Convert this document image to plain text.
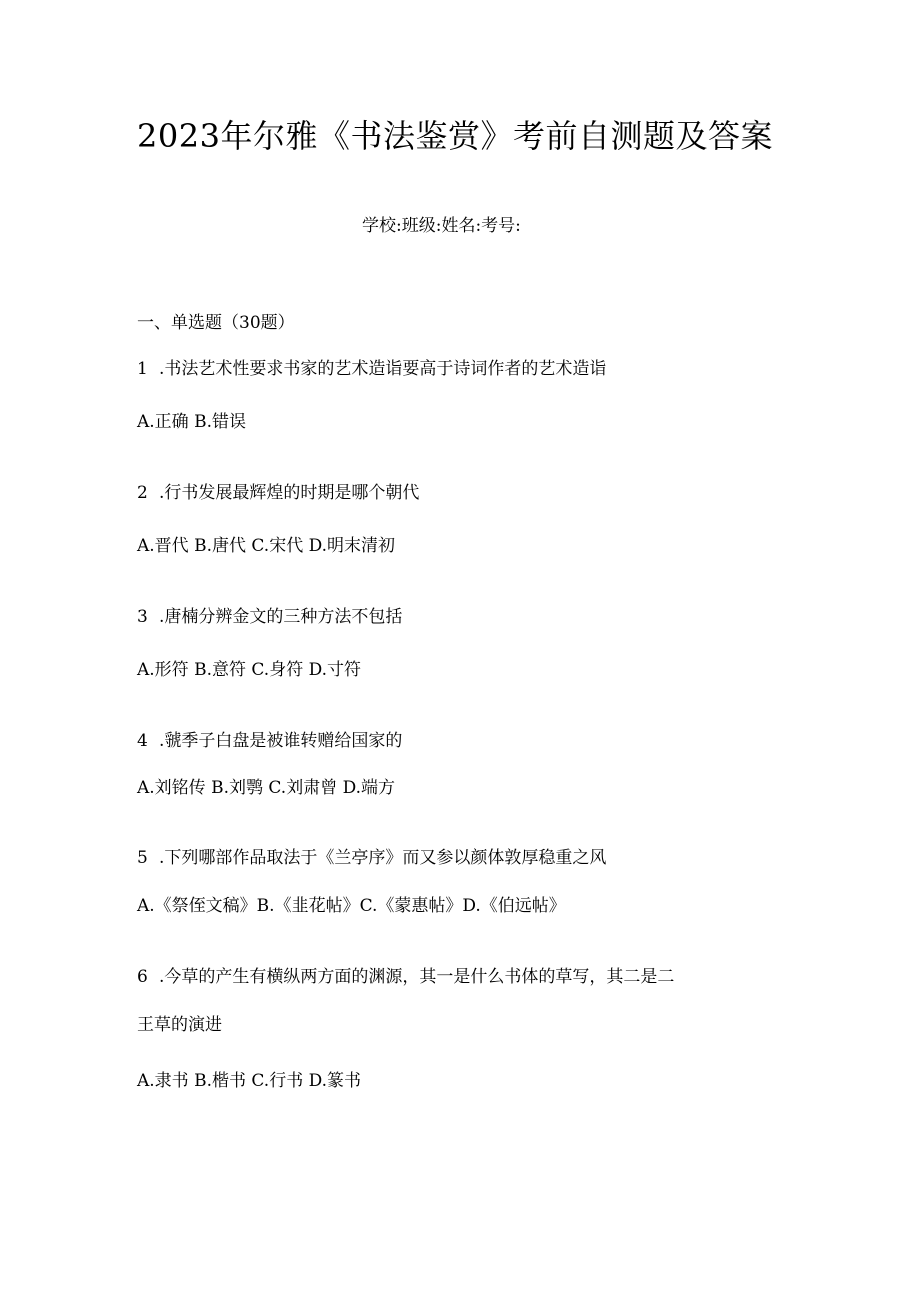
2023年尔雅《书法鉴赏》考前自测题及答案
学校:班级:姓名:考号:
一、单选题（30题）
1 .书法艺术性要求书家的艺术造诣要高于诗词作者的艺术造诣
A.正确 B.错误
2 .行书发展最辉煌的时期是哪个朝代
A.晋代 B.唐代 C.宋代 D.明末清初
3 .唐楠分辨金文的三种方法不包括
A.形符 B.意符 C.身符 D.寸符
4 .虢季子白盘是被谁转赠给国家的
A.刘铭传 B.刘鹗 C.刘肃曾 D.端方
5 .下列哪部作品取法于《兰亭序》而又参以颜体敦厚稳重之风
A.《祭侄文稿》B.《韭花帖》C.《蒙惠帖》D.《伯远帖》
6 .今草的产生有横纵两方面的渊源，其一是什么书体的草写，其二是二
王草的演进
A.隶书 B.楷书 C.行书 D.篆书
